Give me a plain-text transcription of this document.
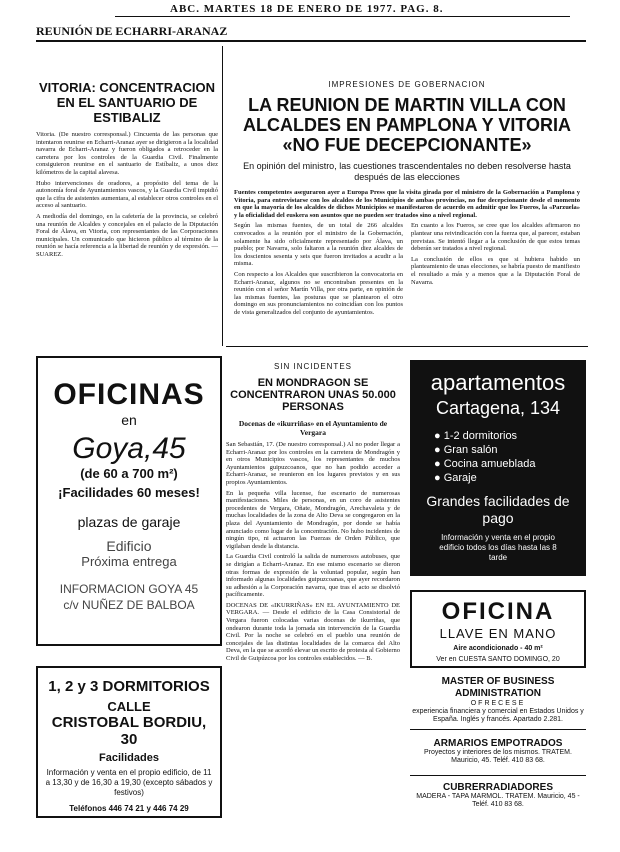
ABC. MARTES 18 DE ENERO DE 1977. PAG. 8.
REUNIÓN DE ECHARRI-ARANAZ
VITORIA: CONCENTRACION EN EL SANTUARIO DE ESTIBALIZ

Vitoria. (De nuestro corresponsal.) Cincuenta de las personas que intentaron reunirse en Echarri-Aranaz ayer se dirigieron a la localidad navarra de Echarri-Aranaz y fueron obligados a retroceder en la carretera por los controles de la Guardia Civil. Finalmente consiguieron reunirse en el santuario de Estíbaliz, a unos diez kilómetros de la capital alavesa.

Hubo intervenciones de oradores, a propósito del tema de la autonomía foral de Ayuntamientos vascos, y la Guardia Civil impidió que la cifra de asistentes aumentara, al establecer otros controles en el acceso al santuario.

A mediodía del domingo, en la cafetería de la provincia, se celebró una reunión de Alcaldes y concejales en el palacio de la Diputación Foral de Álava, en Vitoria, con representantes de las Corporaciones municipales. Un comunicado que hicieron público al término de la reunión se hacía referencia a la libertad de reunión y de expresión. — SUAREZ.

IMPRESIONES DE GOBERNACION
LA REUNION DE MARTIN VILLA CON ALCALDES EN PAMPLONA Y VITORIA «NO FUE DECEPCIONANTE»
En opinión del ministro, las cuestiones trascendentales no deben resolverse hasta después de las elecciones

Fuentes competentes aseguraron ayer a Europa Press que la visita girada por el ministro de la Gobernación a Pamplona y Vitoria, para entrevistarse con los alcaldes de los Municipios de ambas provincias, no fue decepcionante desde el momento en que la mayoría de los alcaldes de dichos Municipios se manifestaron de acuerdo en admitir que los Fueros, la «Parzuela» y la oficialidad del euskera son asuntos que no pueden ser tratados sino a nivel regional.

Según las mismas fuentes, de un total de 266 alcaldes convocados a la reunión por el ministro de la Gobernación, solamente ha sido oficialmente representado por Álava, un pueblo; por Navarra, solo faltaron a la reunión diez alcaldes de los doscientos sesenta y seis que fueron invitados a acudir a la misma.

Con respecto a los Alcaldes que suscribieron la convocatoria en Echarri-Aranaz, algunos no se encontraban presentes en la reunión con el señor Martín Villa, por otra parte, en opinión de las mismas fuentes, las posturas que se plantearon el otro domingo en sus pronunciamientos no coincidían con los puntos de vista generalizados del conjunto de ayuntamientos.

En cuanto a los Fueros, se cree que los alcaldes afirmaron no plantear una reivindicación con la fuerza que, al parecer, estaban previstas. Se intentó llegar a la conclusión de que estos temas deberán ser tratados a nivel regional.

La conclusión de ellos es que si hubiera habido un planteamiento de unas elecciones, se habría puesto de manifiesto el resultado a más y a menos que a la Diputación Foral de Navarra.

OFICINAS
en
Goya,45
(de 60 a 700 m²)
¡Facilidades 60 meses!
plazas de garaje
Edificio
Próxima entrega
INFORMACION GOYA 45 c/v NUÑEZ DE BALBOA
1, 2 y 3 DORMITORIOS
CALLE
CRISTOBAL BORDIU, 30
Facilidades
Información y venta en el propio edificio, de 11 a 13,30 y de 16,30 a 19,30 (excepto sábados y festivos)
Teléfonos 446 74 21 y 446 74 29
SIN INCIDENTES
EN MONDRAGON SE CONCENTRARON UNAS 50.000 PERSONAS
Docenas de «ikurriñas» en el Ayuntamiento de Vergara

San Sebastián, 17. (De nuestro corresponsal.) Al no poder llegar a Echarri-Aranaz por los controles en la carretera de Mondragón y en otros Municipios vascos, los representantes de muchos Ayuntamientos guipuzcoanos, que no han podido acceder a Echarri-Aranaz, se reunieron en los lugares previstos y en sus propios Ayuntamientos.

En la pequeña villa lucense, fue escenario de numerosas manifestaciones. Miles de personas, en un coro de asistentes procedentes de Vergara, Oñate, Mondragón, Arechavaleta y de muchas localidades de la zona de Alto Deva se congregaron en la plaza del Ayuntamiento de Mondragón, por donde se había anunciado como lugar de la concentración. No hubo incidentes de ningún tipo, ni actuaron las Fuerzas de Orden Público, que vigilaban desde la distancia.

La Guardia Civil controló la salida de numerosos autobuses, que se dirigían a Echarri-Aranaz. En ese mismo escenario se dieron otras formas de expresión de la voluntad popular, según han informado algunas localidades guipuzcoanas, que ayer recordaron su adhesión a la Corporación navarra, que tras el acto se disolvió pacíficamente.

DOCENAS DE «IKURRIÑAS» EN EL AYUNTAMIENTO DE VERGARA. — Desde el edificio de la Casa Consistorial de Vergara fueron colocadas varias docenas de ikurriñas, que ondearon durante toda la jornada sin intervención de la Guardia Civil. Por la noche se celebró en el pueblo una reunión de concejales de las distintas localidades de la comarca del Alto Deva, en la que se acordó elevar un escrito de protesta al Gobierno Civil de Guipúzcoa por los controles establecidos. — B.

apartamentos
Cartagena, 134
● 1-2 dormitorios
● Gran salón
● Cocina amueblada
● Garaje
Grandes facilidades de pago
Información y venta en el propio edificio todos los días hasta las 8 tarde
OFICINA
LLAVE EN MANO
Aire acondicionado - 40 m²
Ver en CUESTA SANTO DOMINGO, 20
MASTER OF BUSINESS ADMINISTRATION
OFRECESE
experiencia financiera y comercial en Estados Unidos y España. Inglés y francés. Apartado 2.281.
ARMARIOS EMPOTRADOS
Proyectos y interiores de los mismos. TRATEM. Mauricio, 45. Teléf. 410 83 68.
CUBRERRADIADORES
MADERA - TAPA MARMOL. TRATEM. Mauricio, 45 - Teléf. 410 83 68.
